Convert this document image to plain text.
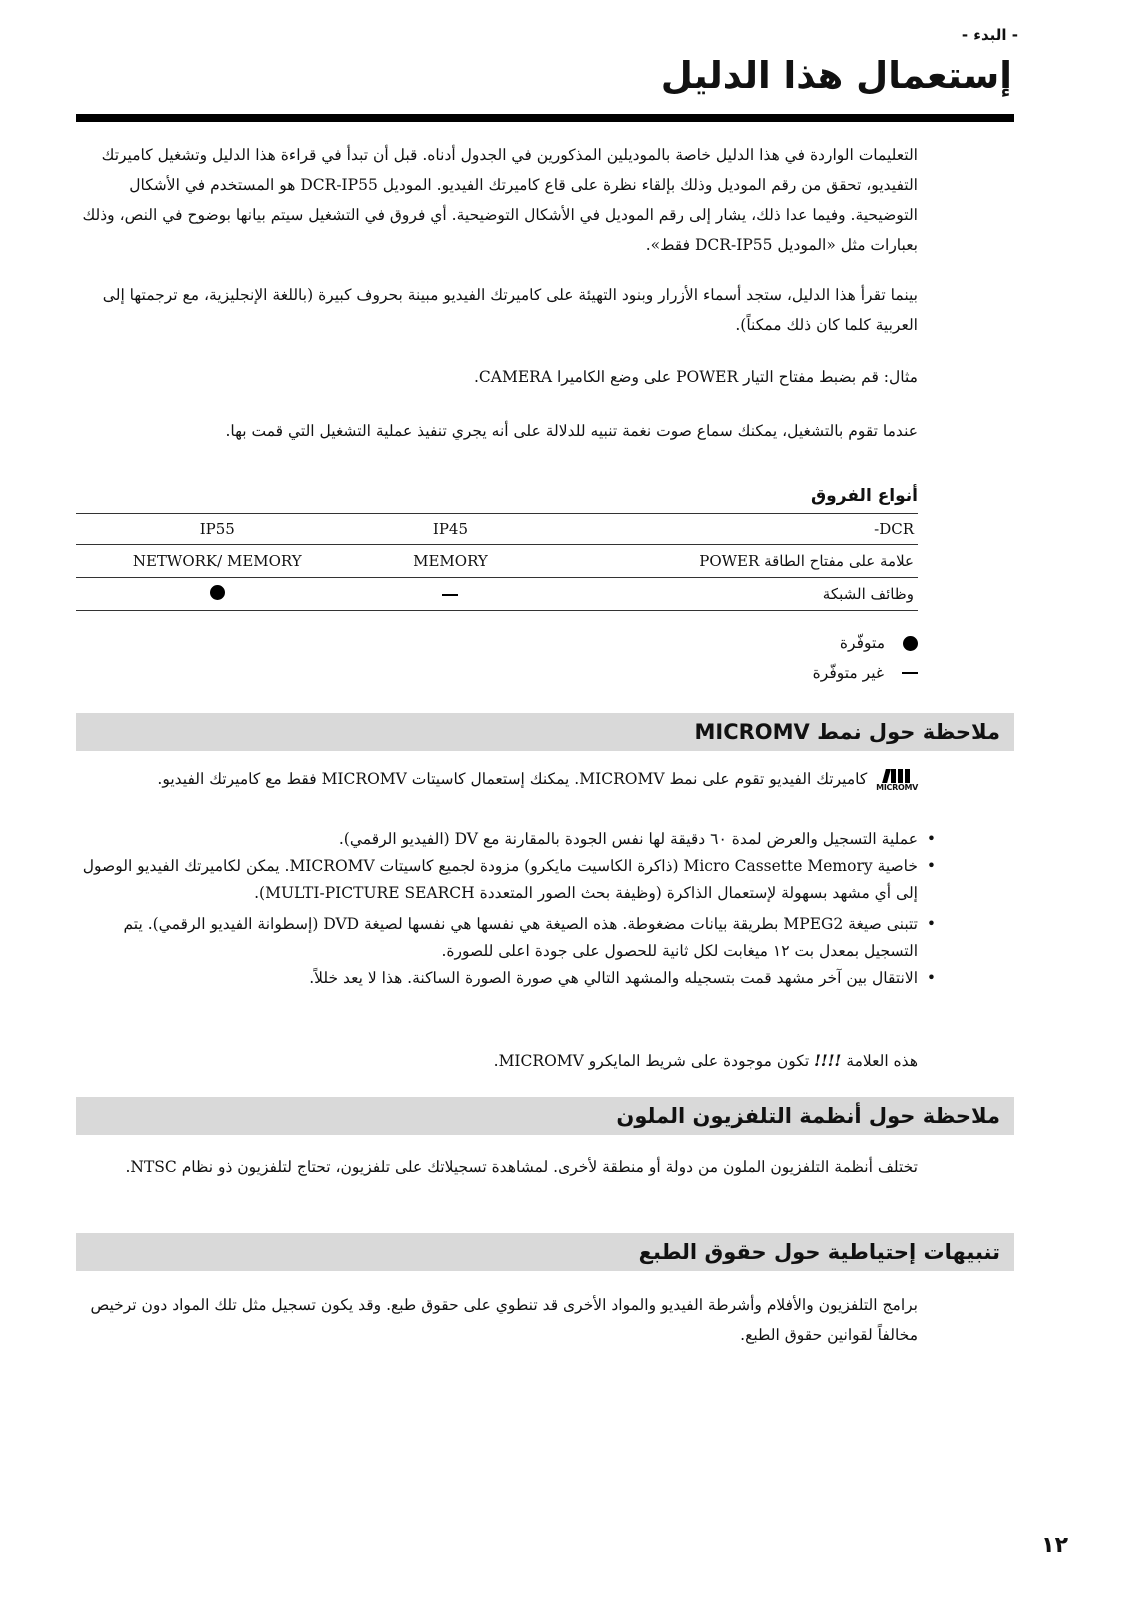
- البدء -
إستعمال هذا الدليل

التعليمات الواردة في هذا الدليل خاصة بالموديلين المذكورين في الجدول أدناه. قبل أن تبدأ في قراءة هذا الدليل وتشغيل كاميرتك التفيديو، تحقق من رقم الموديل وذلك بإلقاء نظرة على قاع كاميرتك الفيديو. الموديل DCR-IP55 هو المستخدم في الأشكال التوضيحية. وفيما عدا ذلك، يشار إلى رقم الموديل في الأشكال التوضيحية. أي فروق في التشغيل سيتم بيانها بوضوح في النص، وذلك بعبارات مثل «الموديل DCR-IP55 فقط».

بينما تقرأ هذا الدليل، ستجد أسماء الأزرار وبنود التهيئة على كاميرتك الفيديو مبينة بحروف كبيرة (باللغة الإنجليزية، مع ترجمتها إلى العربية كلما كان ذلك ممكناً).

مثال: قم بضبط مفتاح التيار POWER على وضع الكاميرا CAMERA.

عندما تقوم بالتشغيل، يمكنك سماع صوت نغمة تنبيه للدلالة على أنه يجري تنفيذ عملية التشغيل التي قمت بها.

أنواع الفروق
IP55	IP45	DCR-
NETWORK/ MEMORY	MEMORY	علامة على مفتاح الطاقة POWER
		وظائف الشبكة
متوفّرة
غير متوفّرة
ملاحظة حول نمط MICROMV

MICROMV
كاميرتك الفيديو تقوم على نمط MICROMV. يمكنك إستعمال كاسيتات MICROMV فقط مع كاميرتك الفيديو.

• عملية التسجيل والعرض لمدة ٦٠ دقيقة لها نفس الجودة بالمقارنة مع DV (الفيديو الرقمي).
• خاصية Micro Cassette Memory (ذاكرة الكاسيت مايكرو) مزودة لجميع كاسيتات MICROMV. يمكن لكاميرتك الفيديو الوصول إلى أي مشهد بسهولة لإستعمال الذاكرة (وظيفة بحث الصور المتعددة MULTI-PICTURE SEARCH).
• تتبنى صيغة MPEG2 بطريقة بيانات مضغوطة. هذه الصيغة هي نفسها هي نفسها لصيغة DVD (إسطوانة الفيديو الرقمي). يتم التسجيل بمعدل بت ١٢ ميغابت لكل ثانية للحصول على جودة اعلى للصورة.
• الانتقال بين آخر مشهد قمت بتسجيله والمشهد التالي هي صورة الصورة الساكنة. هذا لا يعد خللاً.

هذه العلامة !!!! تكون موجودة على شريط المايكرو MICROMV.

ملاحظة حول أنظمة التلفزيون الملون

تختلف أنظمة التلفزيون الملون من دولة أو منطقة لأخرى. لمشاهدة تسجيلاتك على تلفزيون، تحتاج لتلفزيون ذو نظام NTSC.

تنبيهات إحتياطية حول حقوق الطبع

برامج التلفزيون والأفلام وأشرطة الفيديو والمواد الأخرى قد تنطوي على حقوق طبع. وقد يكون تسجيل مثل تلك المواد دون ترخيص مخالفاً لقوانين حقوق الطبع.

١٢
